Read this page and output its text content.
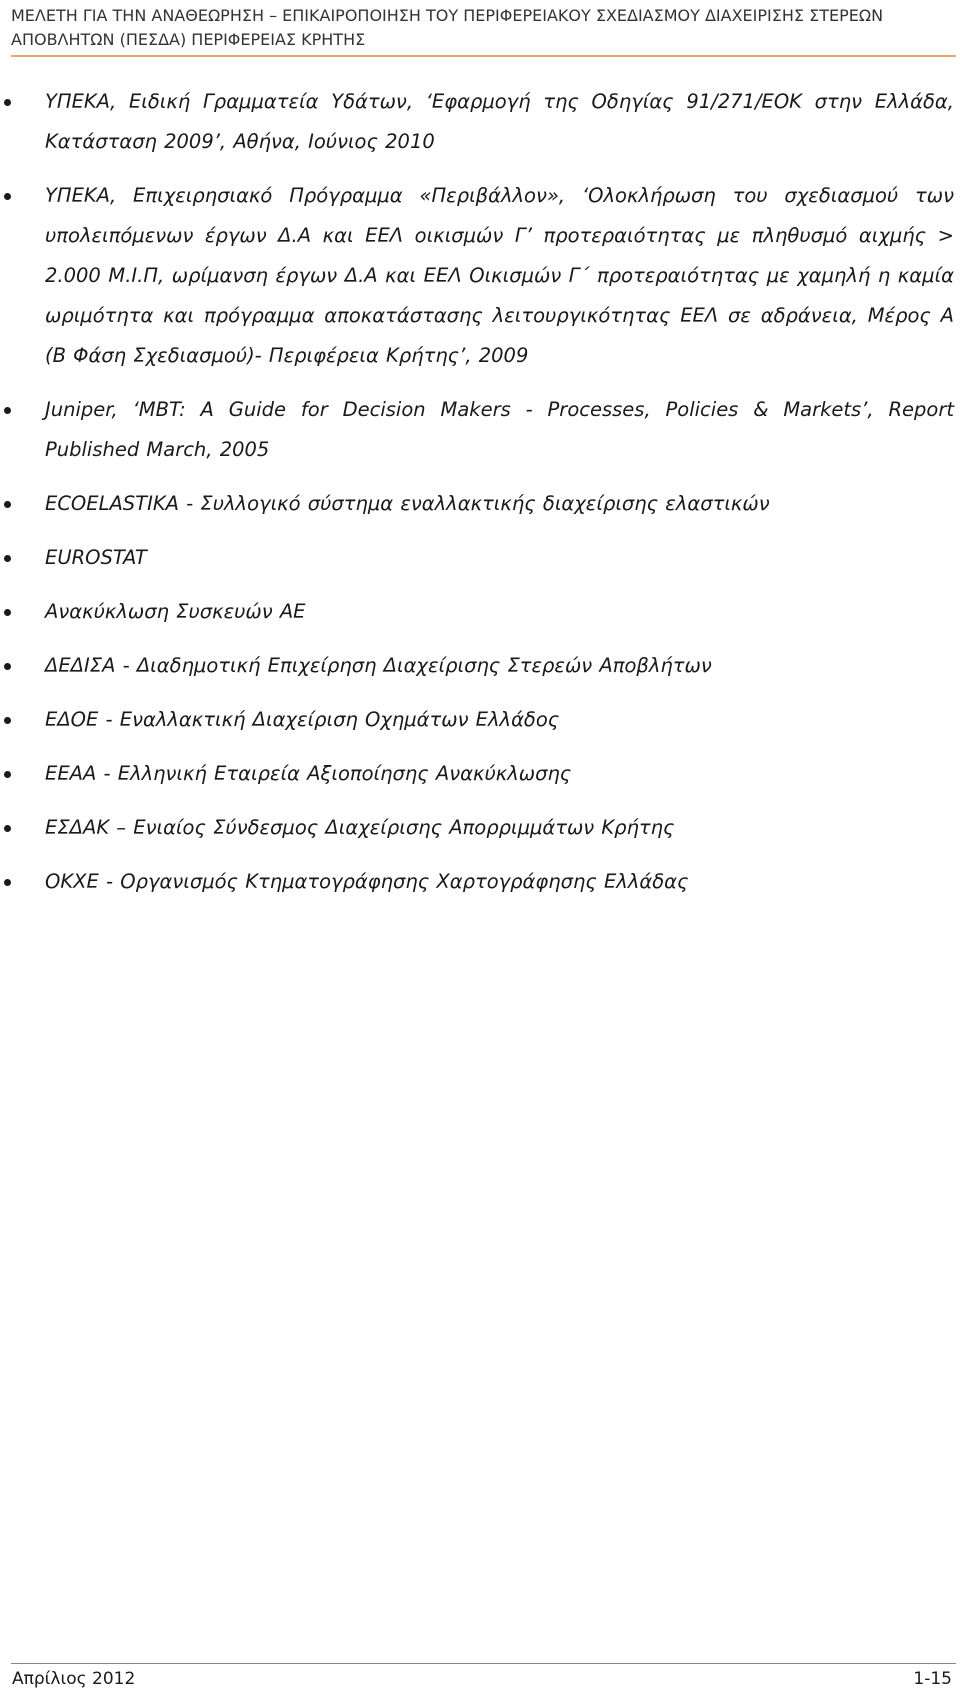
ΜΕΛΕΤΗ ΓΙΑ ΤΗΝ ΑΝΑΘΕΩΡΗΣΗ – ΕΠΙΚΑΙΡΟΠΟΙΗΣΗ ΤΟΥ ΠΕΡΙΦΕΡΕΙΑΚΟΥ ΣΧΕΔΙΑΣΜΟΥ ΔΙΑΧΕΙΡΙΣΗΣ ΣΤΕΡΕΩΝ ΑΠΟΒΛΗΤΩΝ (ΠΕΣΔΑ) ΠΕΡΙΦΕΡΕΙΑΣ ΚΡΗΤΗΣ
ΥΠΕΚΑ, Ειδική Γραμματεία Υδάτων, ‘Εφαρμογή της Οδηγίας 91/271/ΕΟΚ στην Ελλάδα, Κατάσταση 2009’, Αθήνα, Ιούνιος 2010
ΥΠΕΚΑ, Επιχειρησιακό Πρόγραμμα «Περιβάλλον», ‘Ολοκλήρωση του σχεδιασμού των υπολειπόμενων έργων Δ.Α και ΕΕΛ οικισμών Γ’ προτεραιότητας με πληθυσμό αιχμής > 2.000 Μ.Ι.Π, ωρίμανση έργων Δ.Α και ΕΕΛ Οικισμών Γ΄ προτεραιότητας με χαμηλή η καμία ωριμότητα και πρόγραμμα αποκατάστασης λειτουργικότητας ΕΕΛ σε αδράνεια, Μέρος Α (Β Φάση Σχεδιασμού)- Περιφέρεια Κρήτης’, 2009
Juniper, ‘MBT: A Guide for Decision Makers - Processes, Policies & Markets’, Report Published March, 2005
ECOELASTIKA - Συλλογικό σύστημα εναλλακτικής διαχείρισης ελαστικών
EUROSTAT
Ανακύκλωση Συσκευών ΑΕ
ΔΕΔΙΣΑ - Διαδημοτική Επιχείρηση Διαχείρισης Στερεών Αποβλήτων
ΕΔΟΕ - Εναλλακτική Διαχείριση Οχημάτων Ελλάδος
ΕΕΑΑ - Ελληνική Εταιρεία Αξιοποίησης Ανακύκλωσης
ΕΣΔΑΚ – Ενιαίος Σύνδεσμος Διαχείρισης Απορριμμάτων Κρήτης
ΟΚΧΕ - Οργανισμός Κτηματογράφησης Χαρτογράφησης Ελλάδας
Απρίλιος 2012	1-15
